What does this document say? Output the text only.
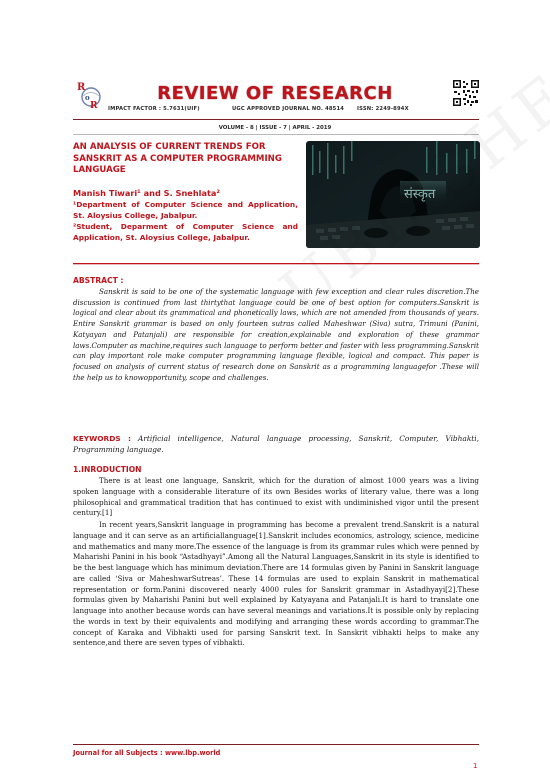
R
o
R
REVIEW OF RESEARCH
IMPACT FACTOR : 5.7631(UIF)	UGC APPROVED JOURNAL NO. 48514 ISSN: 2249-894X
VOLUME - 8 | ISSUE - 7 | APRIL - 2019
AN ANALYSIS OF CURRENT TRENDS FOR SANSKRIT AS A COMPUTER PROGRAMMING LANGUAGE
Manish Tiwari¹ and S. Snehlata²
¹Department of Computer Science and Application, St. Aloysius College, Jabalpur.
²Student, Deparment of Computer Science and Application, St. Aloysius College, Jabalpur.
संस्कृत
ABSTRACT :

Sanskrit is said to be one of the systematic language with few exception and clear rules discretion.The discussion is continued from last thirtythat language could be one of best option for computers.Sanskrit is logical and clear about its grammatical and phonetically laws, which are not amended from thousands of years. Entire Sanskrit grammar is based on only fourteen sutras called Maheshwar (Siva) sutra, Trimuni (Panini, Katyayan and Patanjali) are responsible for creation,explainable and exploration of these grammar laws.Computer as machine,requires such language to perform better and faster with less programming.Sanskrit can play important role make computer programming language flexible, logical and compact. This paper is focused on analysis of current status of research done on Sanskrit as a programming languagefor .These will the help us to knowopportunity, scope and challenges.

KEYWORDS : Artificial intelligence, Natural language processing, Sanskrit, Computer, Vibhakti, Programming language.
1.INRODUCTION

There is at least one language, Sanskrit, which for the duration of almost 1000 years was a living spoken language with a considerable literature of its own Besides works of literary value, there was a long philosophical and grammatical tradition that has continued to exist with undiminished vigor until the present century.[1]

In recent years,Sanskrit language in programming has become a prevalent trend.Sanskrit is a natural language and it can serve as an artificiallanguage[1].Sanskrit includes economics, astrology, science, medicine and mathematics and many more.The essence of the language is from its grammar rules which were penned by Maharishi Panini in his book “Astadhyayi”.Among all the Natural Languages,Sanskrit in its style is identified to be the best language which has minimum deviation.There are 14 formulas given by Panini in Sanskrit language are called ‘Siva or MaheshwarSutreas’. These 14 formulas are used to explain Sanskrit in mathematical representation or form.Panini discovered nearly 4000 rules for Sanskrit grammar in Astadhyayi[2].These formulas given by Maharishi Panini but well explained by Katyayana and Patanjali.It is hard to translate one language into another because words can have several meanings and variations.It is possible only by replacing the words in text by their equivalents and modifying and arranging these words according to grammar.The concept of Karaka and Vibhakti used for parsing Sanskrit text. In Sanskrit vibhakti helps to make any sentence,and there are seven types of vibhakti.

Journal for all Subjects : www.lbp.world
1
